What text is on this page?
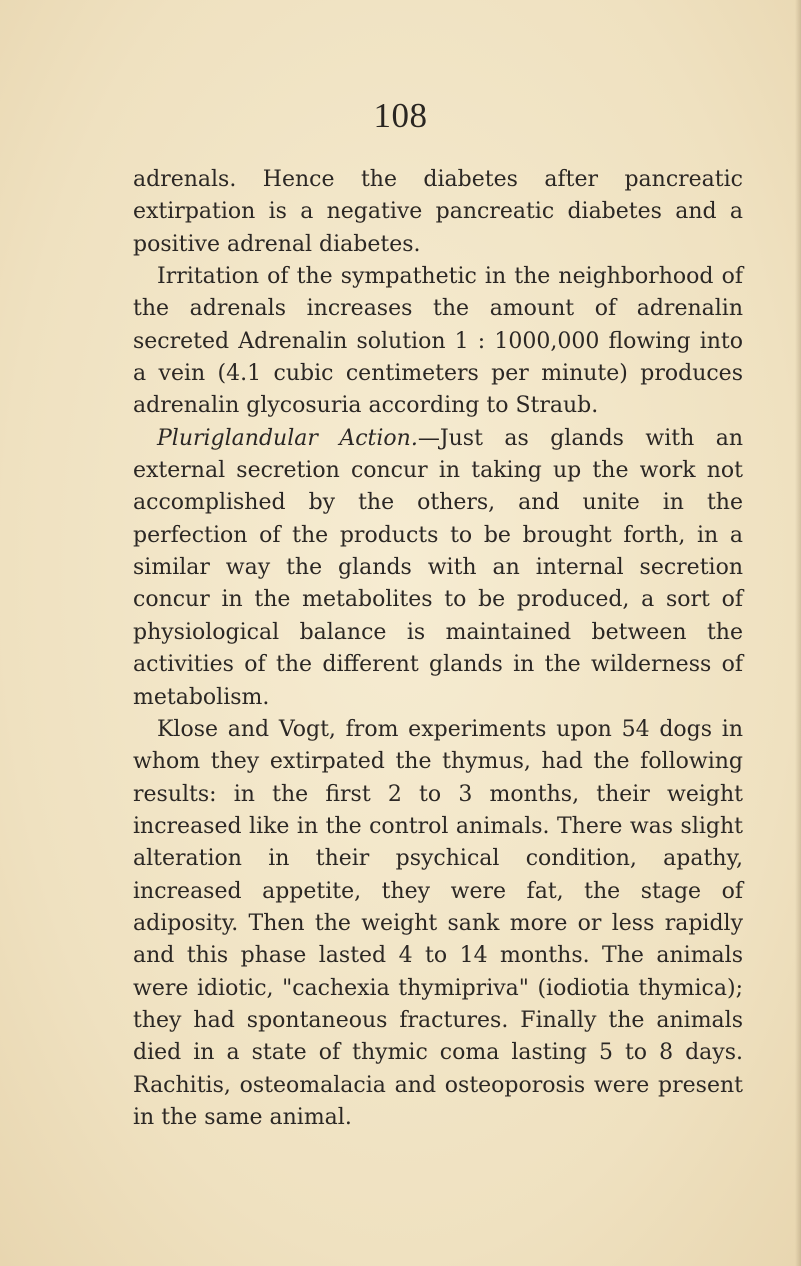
108

adrenals. Hence the diabetes after pancreatic extirpation is a negative pancreatic diabetes and a positive adrenal diabetes.

Irritation of the sympathetic in the neighborhood of the adrenals increases the amount of adrenalin secreted Adrenalin solution 1 : 1000,000 flowing into a vein (4.1 cubic centimeters per minute) produces adrenalin glycosuria according to Straub.

Pluriglandular Action.—Just as glands with an external secretion concur in taking up the work not accomplished by the others, and unite in the perfection of the products to be brought forth, in a similar way the glands with an internal secretion concur in the metabolites to be produced, a sort of physiological balance is maintained between the activities of the different glands in the wilderness of metabolism.

Klose and Vogt, from experiments upon 54 dogs in whom they extirpated the thymus, had the following results: in the first 2 to 3 months, their weight increased like in the control animals. There was slight alteration in their psychical condition, apathy, increased appetite, they were fat, the stage of adiposity. Then the weight sank more or less rapidly and this phase lasted 4 to 14 months. The animals were idiotic, "cachexia thymipriva" (iodiotia thymica); they had spontaneous fractures. Finally the animals died in a state of thymic coma lasting 5 to 8 days. Rachitis, osteomalacia and osteoporosis were present in the same animal.
